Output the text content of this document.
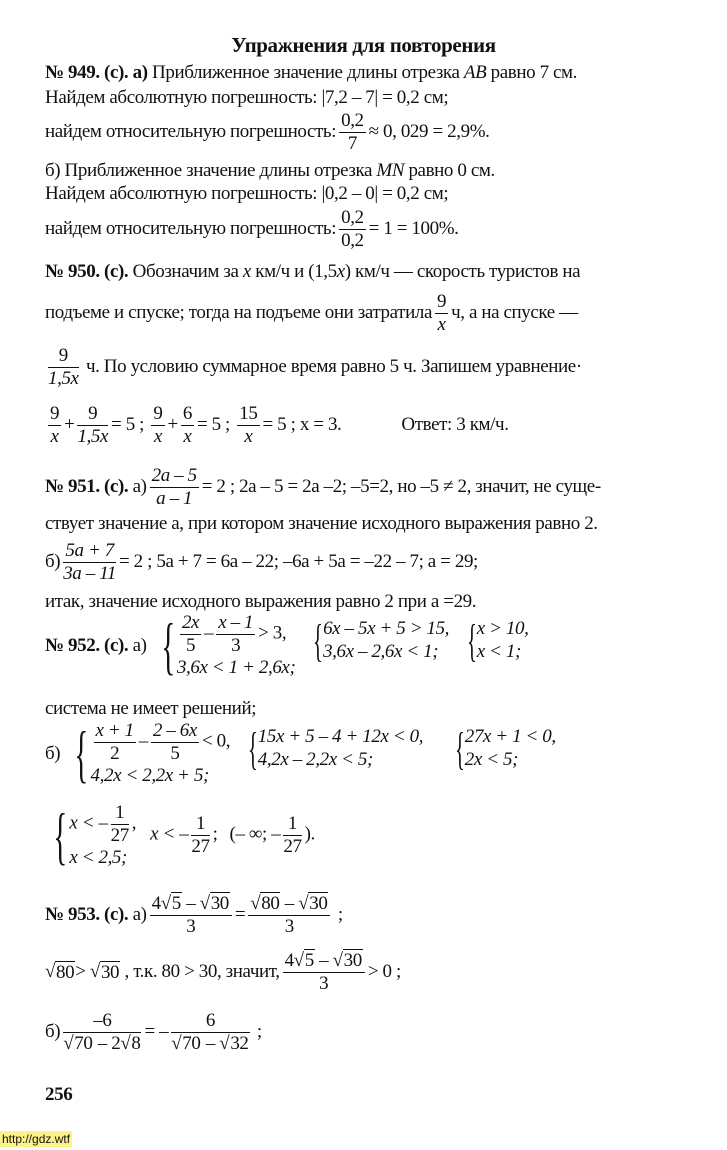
Упражнения для повторения
№ 949. (с). а)
Приближенное значение длины отрезка
AB
равно 7 см.
Найдем абсолютную погрешность: |7,2 – 7| = 0,2 см;
найдем относительную погрешность: $\frac{0,2}{7} \approx 0$, 029 = 2,9%.
б) Приближенное значение длины отрезка
MN
равно 0 см.
Найдем абсолютную погрешность: |0,2 – 0| = 0,2 см;
найдем относительную погрешность: $\frac{0,2}{0,2} = 1 = 100\%$.
№ 950. (с). Обозначим за x км/ч и (1,5x) км/ч — скорость туристов на
подъеме и спуске; тогда на подъеме они затратила $\frac{9}{x} ч$, а на спуске —
$\frac{9}{1,5x}$
ч. По условию суммарное время равно 5 ч. Запишем уравнение·
$\frac{9}{x} + \frac{9}{1,5x} = 5$ ;
$\frac{9}{x} + \frac{6}{x} = 5$ ;
$\frac{15}{x} = 5$ ; x = 3.	Ответ: 3 км/ч.
№ 951. (с).
$а) \frac{2a - 5}{a - 1} = 2$ ; 2a – 5 = 2a –2; –5=2, но –5 ≠ 2, значит, не суще-
ствует значение a, при котором значение исходного выражения равно 2.
$б) \frac{5a + 7}{3a - 11} = 2$ ; 5a + 7 = 6a – 22; –6a + 5a = –22 – 7; a = 29;
итак, значение исходного выражения равно 2 при a =29.
№ 952. (с).
а) { $\frac{2x}{5} - \frac{x - 1}{3} > 3$,
3,6x < 1 + 2,6x;
{ 6x – 5x + 5 > 15,
3,6x – 2,6x < 1; { x > 10,
x < 1;
система не имеет решений;
б) { $\frac{x + 1}{2} - \frac{2 - 6x}{5} < 0$,
4,2x < 2,2x + 5;
{ 15x + 5 – 4 + 12x < 0,
4,2x – 2,2x < 5;	{ 27x + 1 < 0,
2x < 5;
{ x < – $\frac{1}{27}$ ,
x < 2,5;
x < – $\frac{1}{27}$ ; (– ∞; – $\frac{1}{27}$ ).
№ 953. (с).
$а) \frac{4√5 - √30}{3} = \frac{√80 - √30}{3}$
;
√ 80 > √ 30
, т.к. 80 > 30, значит, $\frac{4√5 - √30}{3} > 0$ ;
$б) \frac{-6}{√70 - 2√8}$ = – $\frac{6}{√70 - √32}$
;
256
http://gdz.wtf
